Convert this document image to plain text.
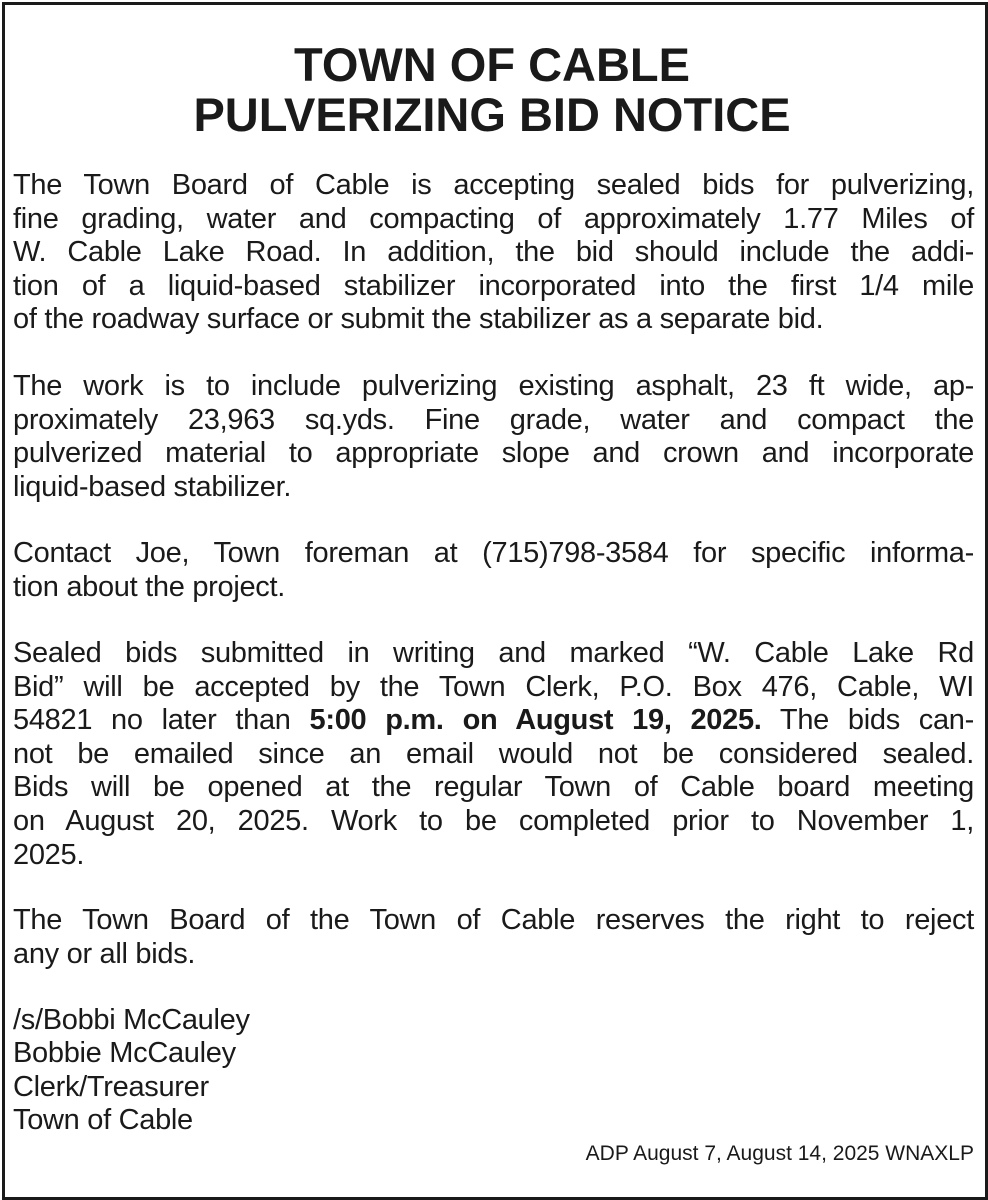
TOWN OF CABLE
PULVERIZING BID NOTICE
The Town Board of Cable is accepting sealed bids for pulverizing,
fine grading, water and compacting of approximately 1.77 Miles of
W. Cable Lake Road. In addition, the bid should include the addi-
tion of a liquid-based stabilizer incorporated into the first 1/4 mile
of the roadway surface or submit the stabilizer as a separate bid.
The work is to include pulverizing existing asphalt, 23 ft wide, ap-
proximately 23,963 sq.yds. Fine grade, water and compact the
pulverized material to appropriate slope and crown and incorporate
liquid-based stabilizer.
Contact Joe, Town foreman at (715)798-3584 for specific informa-
tion about the project.
Sealed bids submitted in writing and marked “W. Cable Lake Rd
Bid” will be accepted by the Town Clerk, P.O. Box 476, Cable, WI
54821 no later than 5:00 p.m. on August 19, 2025. The bids can-
not be emailed since an email would not be considered sealed.
Bids will be opened at the regular Town of Cable board meeting
on August 20, 2025. Work to be completed prior to November 1,
2025.
The Town Board of the Town of Cable reserves the right to reject
any or all bids.
/s/Bobbi McCauley
Bobbie McCauley
Clerk/Treasurer
Town of Cable
ADP August 7, August 14, 2025 WNAXLP
